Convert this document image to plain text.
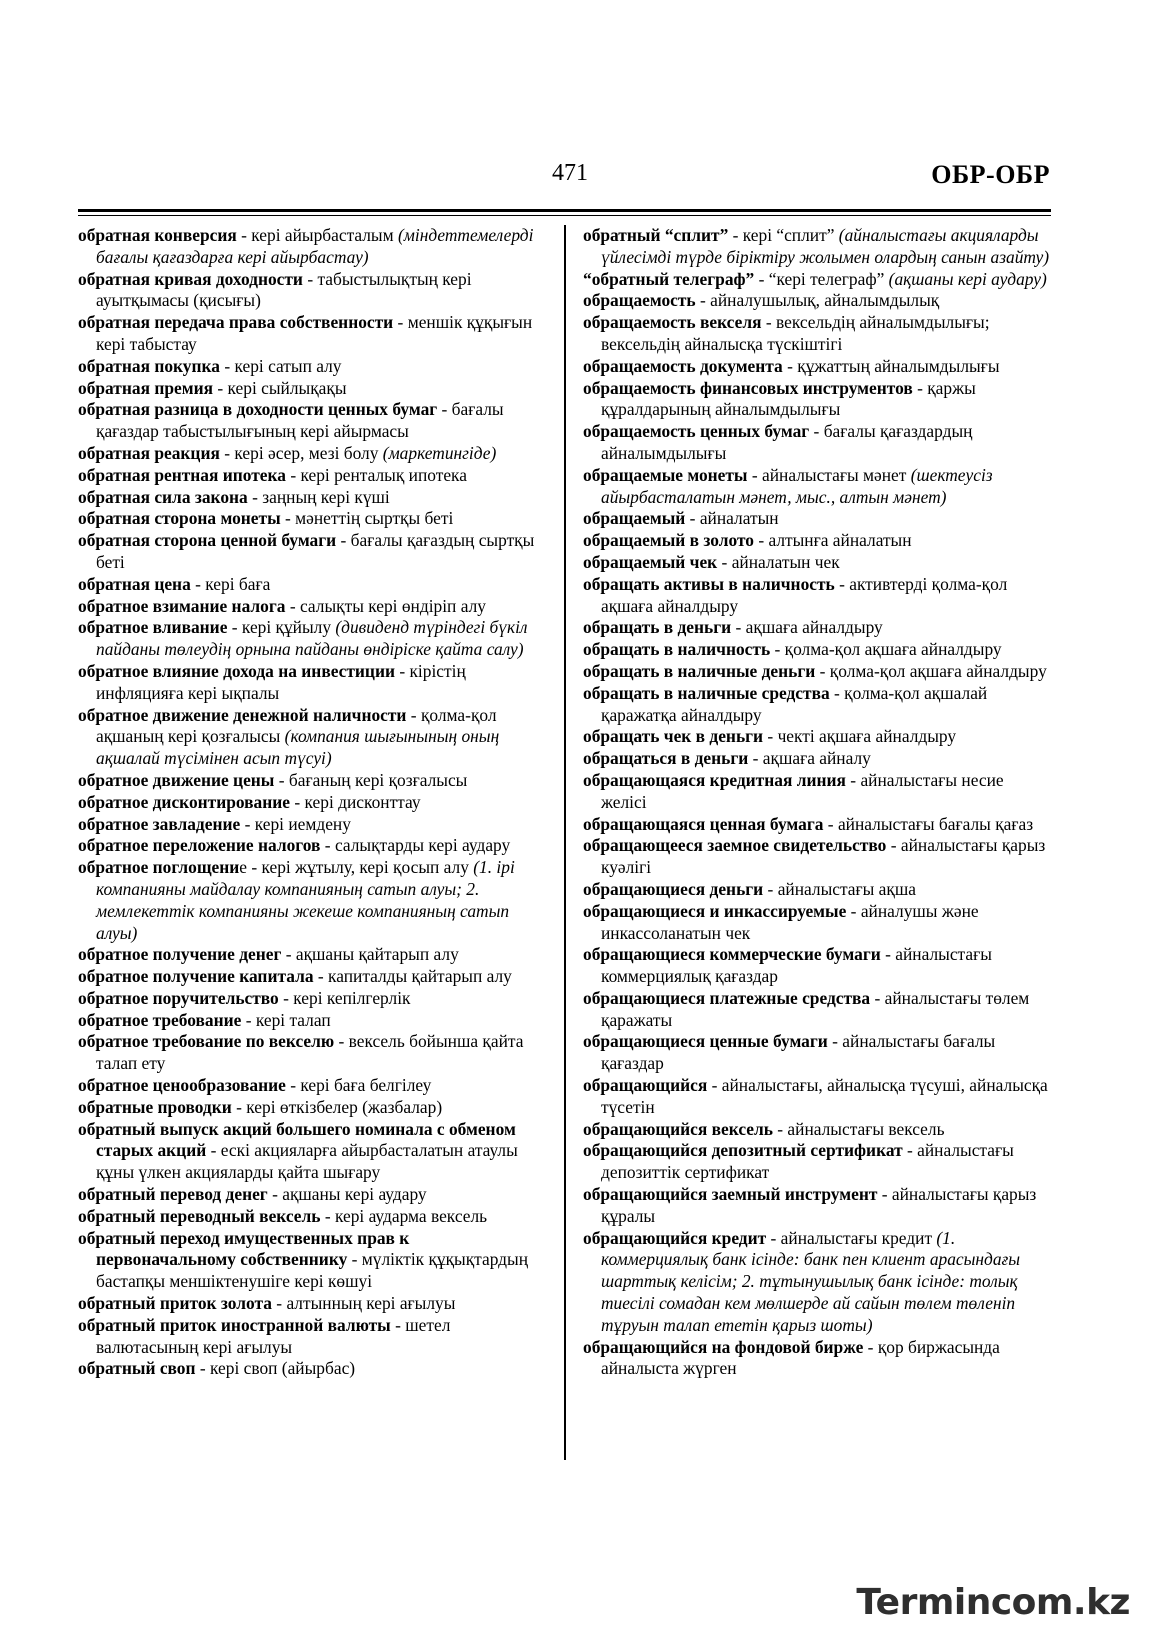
471	ОБР-ОБР

обратная конверсия - кері айырбасталым (міндеттемелерді бағалы қағаздарға кері айырбастау)

обратная кривая доходности - табыстылықтың кері ауытқымасы (қисығы)

обратная передача права собственности - меншік құқығын кері табыстау

обратная покупка - кері сатып алу

обратная премия - кері сыйлықақы

обратная разница в доходности ценных бумаг - бағалы қағаздар табыстылығының кері айырмасы

обратная реакция - кері әсер, мезі болу (маркетингіде)

обратная рентная ипотека - кері ренталық ипотека

обратная сила закона - заңның кері күші

обратная сторона монеты - мәнеттің сыртқы беті

обратная сторона ценной бумаги - бағалы қағаздың сыртқы беті

обратная цена - кері баға

обратное взимание налога - салықты кері өндіріп алу

обратное вливание - кері құйылу (дивиденд түріндегі бүкіл пайданы төлеудің орнына пайданы өндіріске қайта салу)

обратное влияние дохода на инвестиции - кірістің инфляцияға кері ықпалы

обратное движение денежной наличности - қолма-қол ақшаның кері қозғалысы (компания шығынының оның ақшалай түсімінен асып түсуі)

обратное движение цены - бағаның кері қозғалысы

обратное дисконтирование - кері дисконттау

обратное завладение - кері иемдену

обратное переложение налогов - салықтарды кері аудару

обратное поглощение - кері жұтылу, кері қосып алу (1. ірі компанияны майдалау компанияның сатып алуы; 2. мемлекеттік компанияны жекеше компанияның сатып алуы)

обратное получение денег - ақшаны қайтарып алу

обратное получение капитала - капиталды қайтарып алу

обратное поручительство - кері кепілгерлік

обратное требование - кері талап

обратное требование по векселю - вексель бойынша қайта талап ету

обратное ценообразование - кері баға белгілеу

обратные проводки - кері өткізбелер (жазбалар)

обратный выпуск акций большего номинала с обменом старых акций - ескі акцияларға айырбасталатын атаулы құны үлкен акцияларды қайта шығару

обратный перевод денег - ақшаны кері аудару

обратный переводный вексель - кері аударма вексель

обратный переход имущественных прав к первоначальному собственнику - мүліктік құқықтардың бастапқы меншіктенушіге кері көшуі

обратный приток золота - алтынның кері ағылуы

обратный приток иностранной валюты - шетел валютасының кері ағылуы

обратный своп - кері своп (айырбас)

обратный “сплит” - кері “сплит” (айналыстағы акцияларды үйлесімді түрде біріктіру жолымен олардың санын азайту)

“обратный телеграф” - “кері телеграф” (ақшаны кері аудару)

обращаемость - айналушылық, айналымдылық

обращаемость векселя - вексельдің айналымдылығы; вексельдің айналысқа түскіштігі

обращаемость документа - құжаттың айналымдылығы

обращаемость финансовых инструментов - қаржы құралдарының айналымдылығы

обращаемость ценных бумаг - бағалы қағаздардың айналымдылығы

обращаемые монеты - айналыстағы мәнет (шектеусіз айырбасталатын мәнет, мыс., алтын мәнет)

обращаемый - айналатын

обращаемый в золото - алтынға айналатын

обращаемый чек - айналатын чек

обращать активы в наличность - активтерді қолма-қол ақшаға айналдыру

обращать в деньги - ақшаға айналдыру

обращать в наличность - қолма-қол ақшаға айналдыру

обращать в наличные деньги - қолма-қол ақшаға айналдыру

обращать в наличные средства - қолма-қол ақшалай қаражатқа айналдыру

обращать чек в деньги - чекті ақшаға айналдыру

обращаться в деньги - ақшаға айналу

обращающаяся кредитная линия - айналыстағы несие желісі

обращающаяся ценная бумага - айналыстағы бағалы қағаз

обращающееся заемное свидетельство - айналыстағы қарыз куәлігі

обращающиеся деньги - айналыстағы ақша

обращающиеся и инкассируемые - айналушы және инкассоланатын чек

обращающиеся коммерческие бумаги - айналыстағы коммерциялық қағаздар

обращающиеся платежные средства - айналыстағы төлем қаражаты

обращающиеся ценные бумаги - айналыстағы бағалы қағаздар

обращающийся - айналыстағы, айналысқа түсуші, айналысқа түсетін

обращающийся вексель - айналыстағы вексель

обращающийся депозитный сертификат - айналыстағы депозиттік сертификат

обращающийся заемный инструмент - айналыстағы қарыз құралы

обращающийся кредит - айналыстағы кредит (1. коммерциялық банк ісінде: банк пен клиент арасындағы шарттық келісім; 2. тұтынушылық банк ісінде: толық тиесілі сомадан кем мөлшерде ай сайын төлем төленіп тұруын талап ететін қарыз шоты)

обращающийся на фондовой бирже - қор биржасында айналыста жүрген

Termincom.kz
